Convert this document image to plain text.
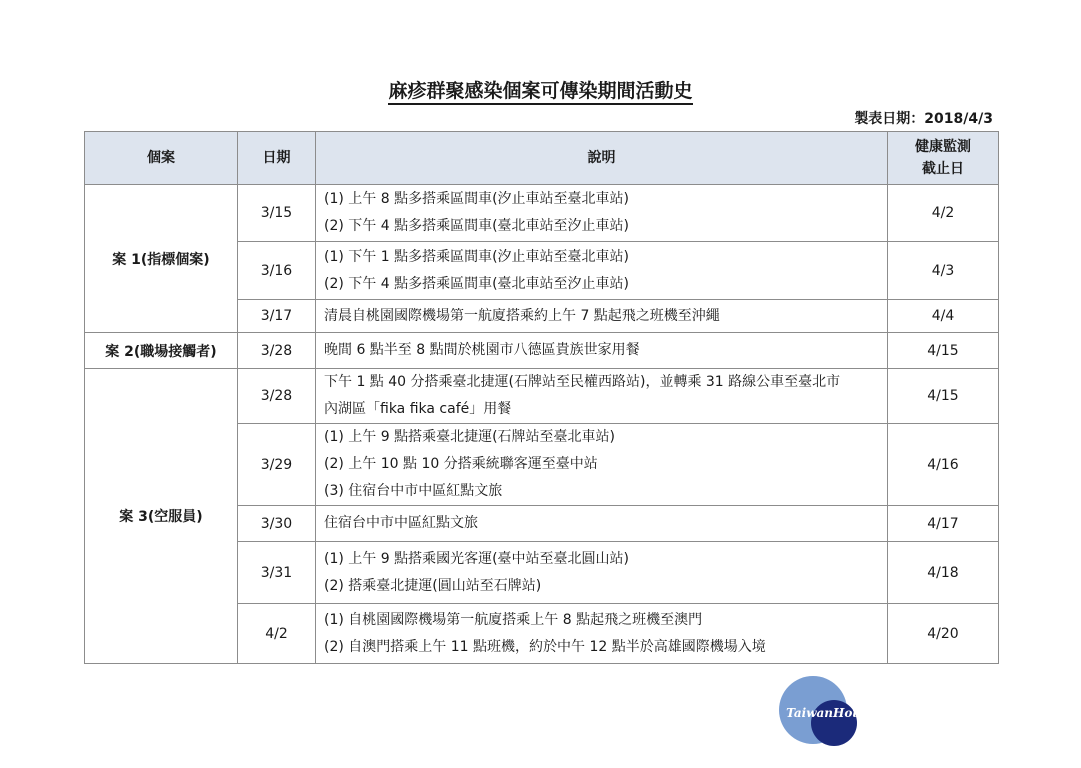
麻疹群聚感染個案可傳染期間活動史
製表日期：2018/4/3
個案	日期	說明	健康監測
截止日

案 1(指標個案)	3/15	(1) 上午 8 點多搭乘區間車(汐止車站至臺北車站)
(2) 下午 4 點多搭乘區間車(臺北車站至汐止車站)	4/2
	3/16	(1) 下午 1 點多搭乘區間車(汐止車站至臺北車站)
(2) 下午 4 點多搭乘區間車(臺北車站至汐止車站)	4/3
	3/17	清晨自桃園國際機場第一航廈搭乘約上午 7 點起飛之班機至沖繩	4/4
案 2(職場接觸者)	3/28	晚間 6 點半至 8 點間於桃園市八德區貴族世家用餐	4/15
案 3(空服員)	3/28	下午 1 點 40 分搭乘臺北捷運(石牌站至民權西路站)，並轉乘 31 路線公車至臺北市
內湖區「fika fika café」用餐	4/15
	3/29	(1) 上午 9 點搭乘臺北捷運(石牌站至臺北車站)
(2) 上午 10 點 10 分搭乘統聯客運至臺中站
(3) 住宿台中市中區紅點文旅	4/16
	3/30	住宿台中市中區紅點文旅	4/17
	3/31	(1) 上午 9 點搭乘國光客運(臺中站至臺北圓山站)
(2) 搭乘臺北捷運(圓山站至石牌站)	4/18
	4/2	(1) 自桃園國際機場第一航廈搭乘上午 8 點起飛之班機至澳門
(2) 自澳門搭乘上午 11 點班機，約於中午 12 點半於高雄國際機場入境	4/20
TaiwanHot
